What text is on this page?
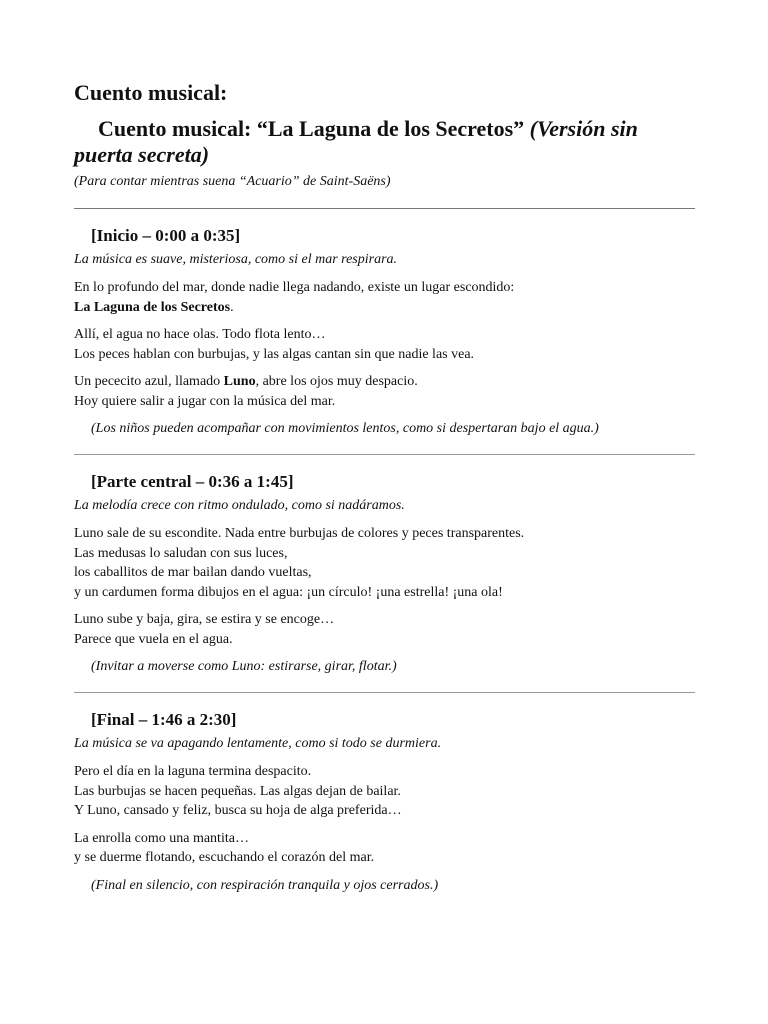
Cuento musical:
Cuento musical: “La Laguna de los Secretos” (Versión sin puerta secreta)
(Para contar mientras suena “Acuario” de Saint-Saëns)
[Inicio – 0:00 a 0:35]
La música es suave, misteriosa, como si el mar respirara.

En lo profundo del mar, donde nadie llega nadando, existe un lugar escondido:
La Laguna de los Secretos.

Allí, el agua no hace olas. Todo flota lento…
Los peces hablan con burbujas, y las algas cantan sin que nadie las vea.

Un pececito azul, llamado Luno, abre los ojos muy despacio.
Hoy quiere salir a jugar con la música del mar.

(Los niños pueden acompañar con movimientos lentos, como si despertaran bajo el agua.)
[Parte central – 0:36 a 1:45]
La melodía crece con ritmo ondulado, como si nadáramos.

Luno sale de su escondite. Nada entre burbujas de colores y peces transparentes.
Las medusas lo saludan con sus luces,
los caballitos de mar bailan dando vueltas,
y un cardumen forma dibujos en el agua: ¡un círculo! ¡una estrella! ¡una ola!

Luno sube y baja, gira, se estira y se encoge…
Parece que vuela en el agua.

(Invitar a moverse como Luno: estirarse, girar, flotar.)
[Final – 1:46 a 2:30]
La música se va apagando lentamente, como si todo se durmiera.

Pero el día en la laguna termina despacito.
Las burbujas se hacen pequeñas. Las algas dejan de bailar.
Y Luno, cansado y feliz, busca su hoja de alga preferida…

La enrolla como una mantita…
y se duerme flotando, escuchando el corazón del mar.

(Final en silencio, con respiración tranquila y ojos cerrados.)
